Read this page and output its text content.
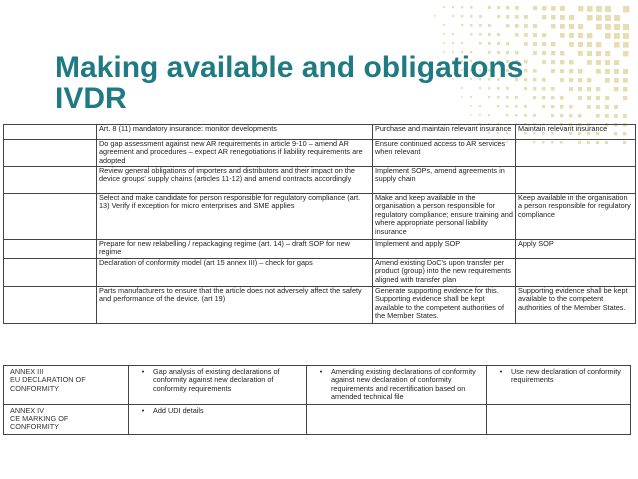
Making available and obligations
IVDR
	Art. 8 (11) mandatory insurance: monitor developments	Purchase and maintain relevant insurance	Maintain relevant insurance
	Do gap assessment against new AR requirements in article 9-10 – amend AR agreement and procedures – expect AR renegotiations if liability requirements are adopted	Ensure continued access to AR services when relevant	
	Review general obligations of importers and distributors and their impact on the device groups' supply chains (articles 11-12) and amend contracts accordingly	Implement SOPs, amend agreements in supply chain	
	Select and make candidate for person responsible for regulatory compliance (art. 13) Verify if exception for micro enterprises and SME applies	Make and keep available in the organisation a person responsible for regulatory compliance; ensure training and where appropriate personal liability insurance	Keep available in the organisation a person responsible for regulatory compliance
	Prepare for new relabelling / repackaging regime (art. 14) – draft SOP for new regime	Implement and apply SOP	Apply SOP
	Declaration of conformity model (art 15 annex III) – check for gaps	Amend existing DoC's upon transfer per product (group) into the new requirements aligned with transfer plan	
	Parts manufacturers to ensure that the article does not adversely affect the safety and performance of the device. (art 19)	Generate supporting evidence for this. Supporting evidence shall be kept available to the competent authorities of the Member States.	Supporting evidence shall be kept available to the competent authorities of the Member States.
ANNEX III
EU DECLARATION OF
CONFORMITY	• Gap analysis of existing declarations of conformity against new declaration of conformity requirements	• Amending existing declarations of conformity against new declaration of conformity requirements and recertification based on amended technical file	• Use new declaration of conformity requirements

ANNEX IV
CE MARKING OF
CONFORMITY	• Add UDI details		
